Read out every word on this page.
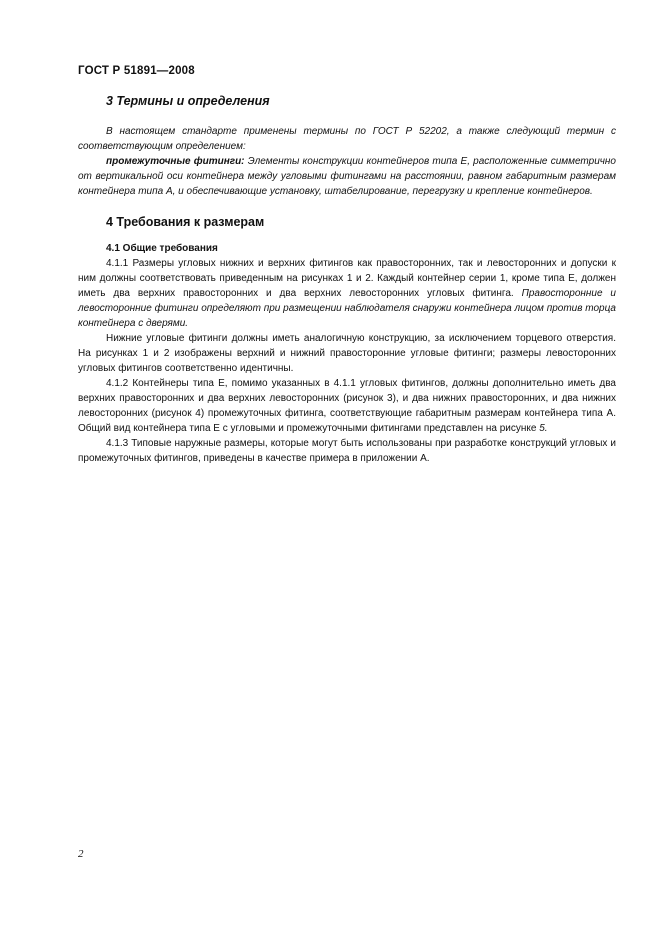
ГОСТ Р 51891—2008
3 Термины и определения

В настоящем стандарте применены термины по ГОСТ Р 52202, а также следующий термин с соответствующим определением:

промежуточные фитинги: Элементы конструкции контейнеров типа Е, расположенные симметрично от вертикальной оси контейнера между угловыми фитингами на расстоянии, равном габаритным размерам контейнера типа А, и обеспечивающие установку, штабелирование, перегрузку и крепление контейнеров.

4 Требования к размерам
4.1 Общие требования

4.1.1 Размеры угловых нижних и верхних фитингов как правосторонних, так и левосторонних и допуски к ним должны соответствовать приведенным на рисунках 1 и 2. Каждый контейнер серии 1, кроме типа Е, должен иметь два верхних правосторонних и два верхних левосторонних угловых фитинга. Правосторонние и левосторонние фитинги определяют при размещении наблюдателя снаружи контейнера лицом против торца контейнера с дверями.

Нижние угловые фитинги должны иметь аналогичную конструкцию, за исключением торцевого отверстия. На рисунках 1 и 2 изображены верхний и нижний правосторонние угловые фитинги; размеры левосторонних угловых фитингов соответственно идентичны.

4.1.2 Контейнеры типа Е, помимо указанных в 4.1.1 угловых фитингов, должны дополнительно иметь два верхних правосторонних и два верхних левосторонних (рисунок 3), и два нижних правосторонних, и два нижних левосторонних (рисунок 4) промежуточных фитинга, соответствующие габаритным размерам контейнера типа А. Общий вид контейнера типа Е с угловыми и промежуточными фитингами представлен на рисунке 5.

4.1.3 Типовые наружные размеры, которые могут быть использованы при разработке конструкций угловых и промежуточных фитингов, приведены в качестве примера в приложении А.

2
